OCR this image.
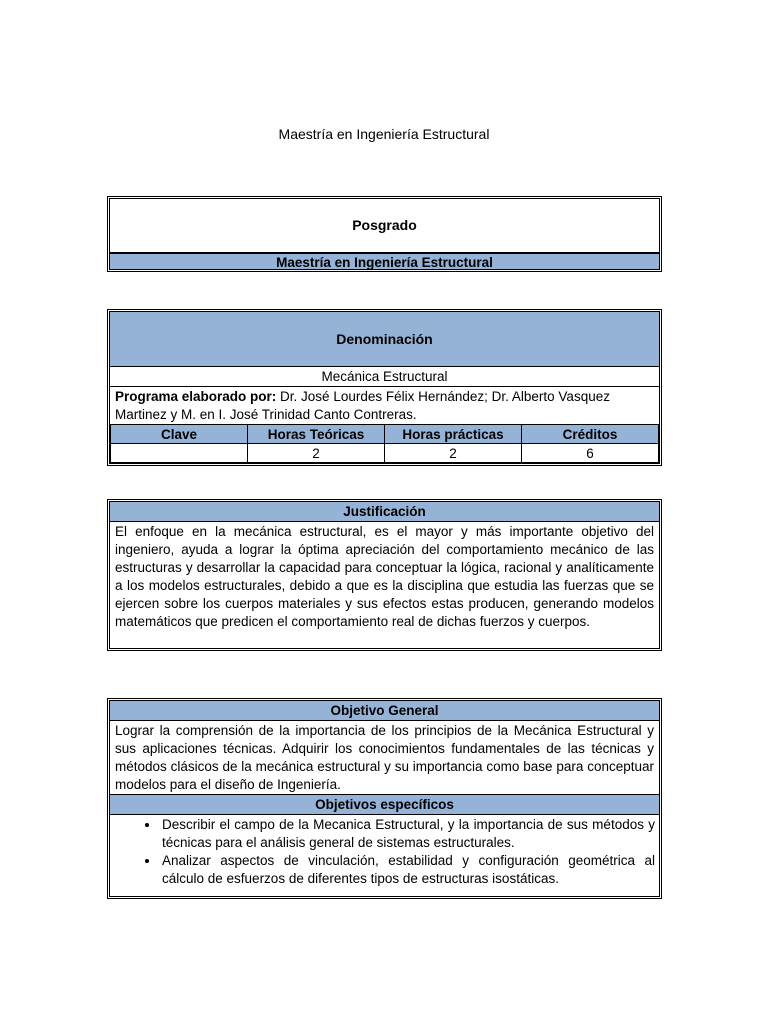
Maestría en Ingeniería Estructural
Posgrado
Maestría en Ingeniería Estructural
Denominación
Mecánica Estructural
Programa elaborado por: Dr. José Lourdes Félix Hernández; Dr. Alberto Vasquez Martinez y M. en I. José Trinidad Canto Contreras.
Clave	Horas Teóricas	Horas prácticas	Créditos
	2	2	6
Justificación
El enfoque en la mecánica estructural, es el mayor y más importante objetivo del ingeniero, ayuda a lograr la óptima apreciación del comportamiento mecánico de las estructuras y desarrollar la capacidad para conceptuar la lógica, racional y analíticamente a los modelos estructurales, debido a que es la disciplina que estudia las fuerzas que se ejercen sobre los cuerpos materiales y sus efectos estas producen, generando modelos matemáticos que predicen el comportamiento real de dichas fuerzos y cuerpos.
Objetivo General
Lograr la comprensión de la importancia de los principios de la Mecánica Estructural y sus aplicaciones técnicas. Adquirir los conocimientos fundamentales de las técnicas y métodos clásicos de la mecánica estructural y su importancia como base para conceptuar modelos para el diseño de Ingeniería.
Objetivos específicos
• Describir el campo de la Mecanica Estructural, y la importancia de sus métodos y técnicas para el análisis general de sistemas estructurales.
• Analizar aspectos de vinculación, estabilidad y configuración geométrica al cálculo de esfuerzos de diferentes tipos de estructuras isostáticas.
